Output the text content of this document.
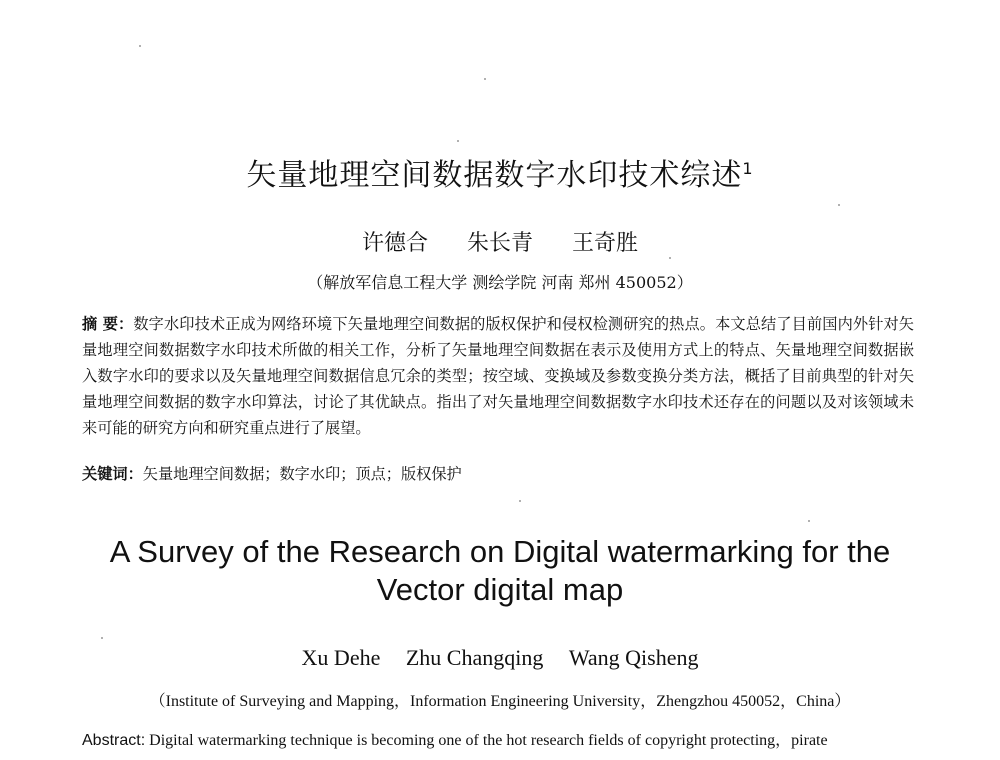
矢量地理空间数据数字水印技术综述$^1$
许德合 朱长青 王奇胜
（解放军信息工程大学 测绘学院 河南 郑州 450052）
摘 要：数字水印技术正成为网络环境下矢量地理空间数据的版权保护和侵权检测研究的热点。本文总结了目前国内外针对矢量地理空间数据数字水印技术所做的相关工作，分析了矢量地理空间数据在表示及使用方式上的特点、矢量地理空间数据嵌入数字水印的要求以及矢量地理空间数据信息冗余的类型；按空域、变换域及参数变换分类方法，概括了目前典型的针对矢量地理空间数据的数字水印算法，讨论了其优缺点。指出了对矢量地理空间数据数字水印技术还存在的问题以及对该领域未来可能的研究方向和研究重点进行了展望。
关键词：矢量地理空间数据；数字水印；顶点；版权保护
A Survey of the Research on Digital watermarking for the
Vector digital map
Xu Dehe Zhu Changqing Wang Qisheng
（Institute of Surveying and Mapping，Information Engineering University，Zhengzhou 450052，China）
Abstract: Digital watermarking technique is becoming one of the hot research fields of copyright protecting，pirate
